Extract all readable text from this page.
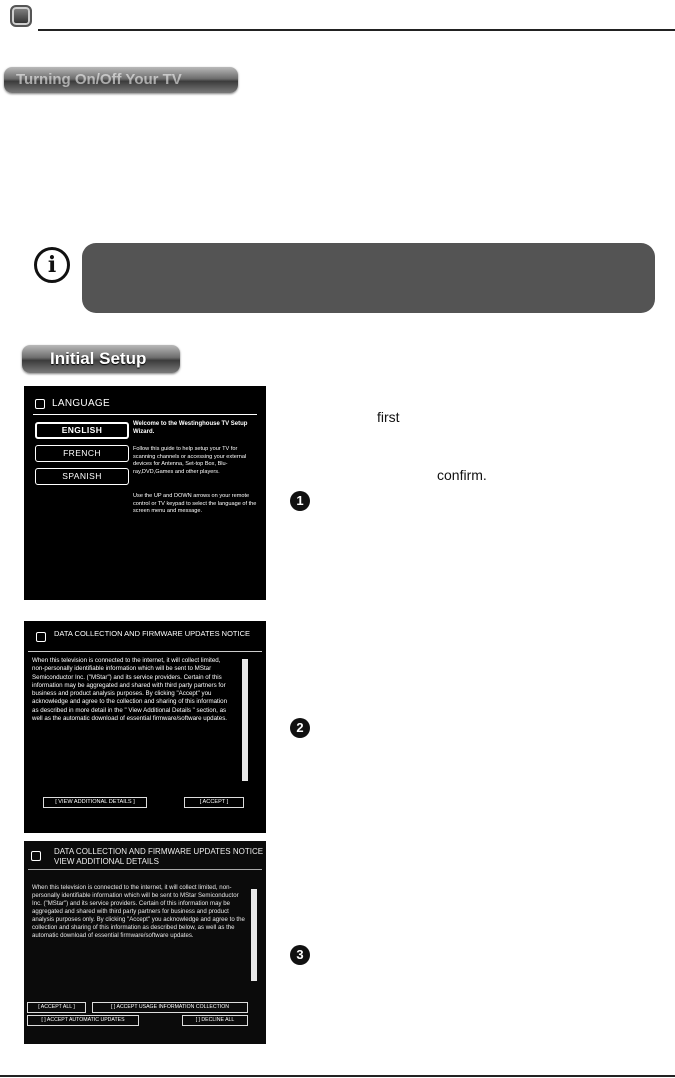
Turning On/Off Your TV
i
Initial Setup
LANGUAGE
ENGLISH
FRENCH
SPANISH
Welcome to the Westinghouse TV Setup Wizard.
Follow this guide to help setup your TV for scanning channels or accessing your external devices for Antenna, Set-top Box, Blu-ray,DVD,Games and other players.
Use the UP and DOWN arrows on your remote control or TV keypad to select the language of the screen menu and message.
DATA COLLECTION AND FIRMWARE UPDATES NOTICE
When this television is connected to the internet, it will collect limited, non-personally identifiable information which will be sent to MStar Semiconductor Inc. ("MStar") and its service providers. Certain of this information may be aggregated and shared with third party partners for business and product analysis purposes. By clicking "Accept" you acknowledge and agree to the collection and sharing of this information as described in more detail in the " View Additional Details " section, as well as the automatic download of essential firmware/software updates.
[ VIEW ADDITIONAL DETAILS ]	[ ACCEPT ]
DATA COLLECTION AND FIRMWARE UPDATES NOTICE VIEW ADDITIONAL DETAILS
When this television is connected to the internet, it will collect limited, non-personally identifiable information which will be sent to MStar Semiconductor Inc. ("MStar") and its service providers. Certain of this information may be aggregated and shared with third party partners for business and product analysis purposes only. By clicking "Accept" you acknowledge and agree to the collection and sharing of this information as described below, as well as the automatic download of essential firmware/software updates.
[ ACCEPT ALL ]	[ ] ACCEPT USAGE INFORMATION COLLECTION
[ ] ACCEPT AUTOMATIC UPDATES	[ ] DECLINE ALL
first
confirm.
1
2
3
